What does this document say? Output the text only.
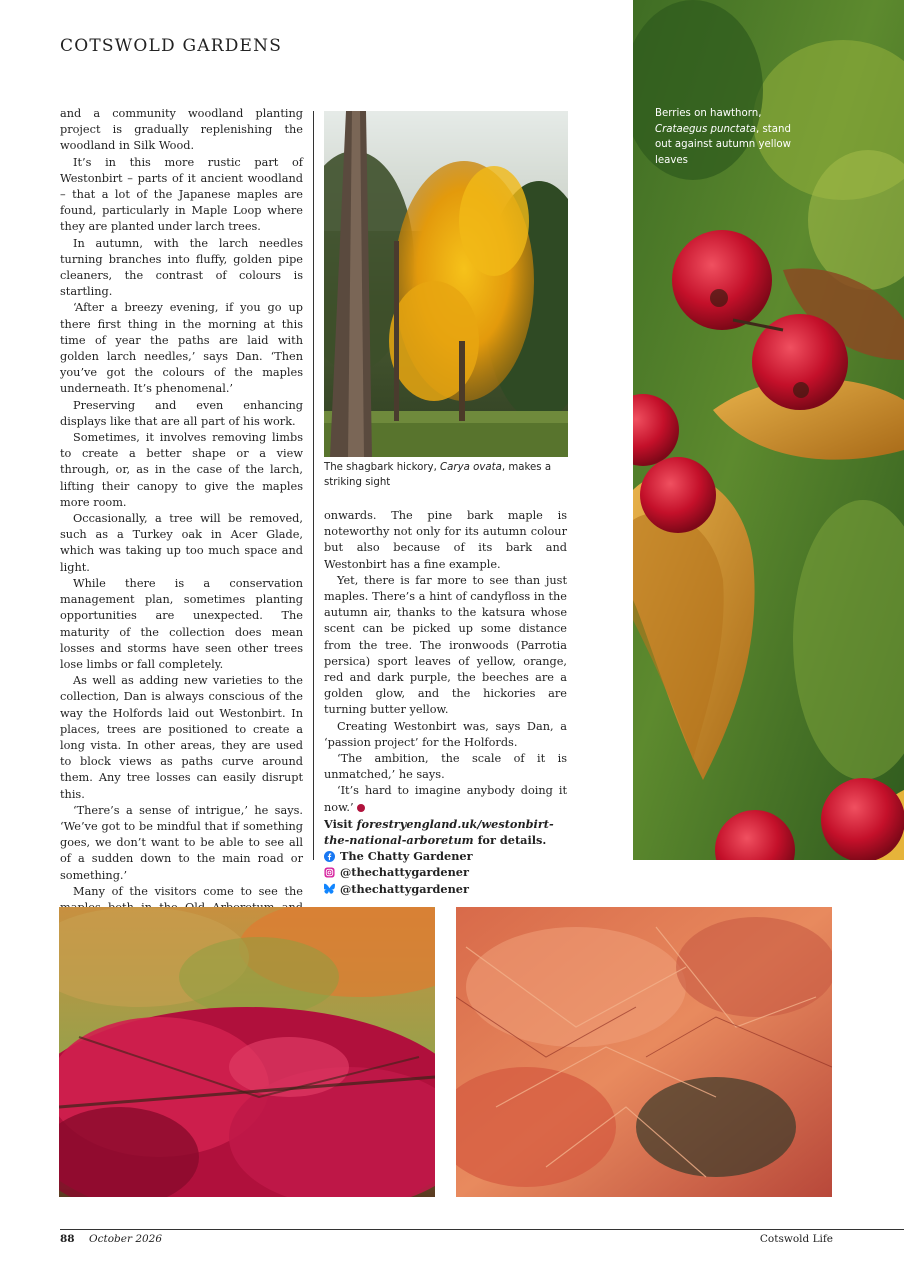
COTSWOLD GARDENS

and a community woodland planting project is gradually replenishing the woodland in Silk Wood.

It’s in this more rustic part of Westonbirt – parts of it ancient woodland – that a lot of the Japanese maples are found, particularly in Maple Loop where they are planted under larch trees.

In autumn, with the larch needles turning branches into fluffy, golden pipe cleaners, the contrast of colours is startling.

‘After a breezy evening, if you go up there first thing in the morning at this time of year the paths are laid with golden larch needles,’ says Dan. ‘Then you’ve got the colours of the maples underneath. It’s phenomenal.’

Preserving and even enhancing displays like that are all part of his work.

Sometimes, it involves removing limbs to create a better shape or a view through, or, as in the case of the larch, lifting their canopy to give the maples more room.

Occasionally, a tree will be removed, such as a Turkey oak in Acer Glade, which was taking up too much space and light.

While there is a conservation management plan, sometimes planting opportunities are unexpected. The maturity of the collection does mean losses and storms have seen other trees lose limbs or fall completely.

As well as adding new varieties to the collection, Dan is always conscious of the way the Holfords laid out Westonbirt. In places, trees are positioned to create a long vista. In other areas, they are used to block views as paths curve around them. Any tree losses can easily disrupt this.

‘There’s a sense of intrigue,’ he says. ‘We’ve got to be mindful that if something goes, we don’t want to be able to see all of a sudden down to the main road or something.’

Many of the visitors come to see the

The shagbark hickory, Carya ovata, makes a striking sight

onwards. The pine bark maple is noteworthy not only for its autumn colour but also because of its bark and Westonbirt has a fine example.

Yet, there is far more to see than just maples. There’s a hint of candyfloss in the autumn air, thanks to the katsura whose scent can be picked up some distance from the tree. The ironwoods (Parrotia persica) sport leaves of yellow, orange, red and dark purple, the beeches are a golden glow, and the hickories are turning butter yellow.

Creating Westonbirt was, says Dan, a ‘passion project’ for the Holfords.

‘The ambition, the scale of it is unmatched,’ he says.

‘It’s hard to imagine anybody doing it now.’

Visit forestryengland.uk/westonbirt-the-national-arboretum for details.

The Chatty Gardener
@thechattygardener
@thechattygardener
Berries on hawthorn, Crataegus punctata, stand out against autumn yellow leaves
88 October 2026	Cotswold Life
